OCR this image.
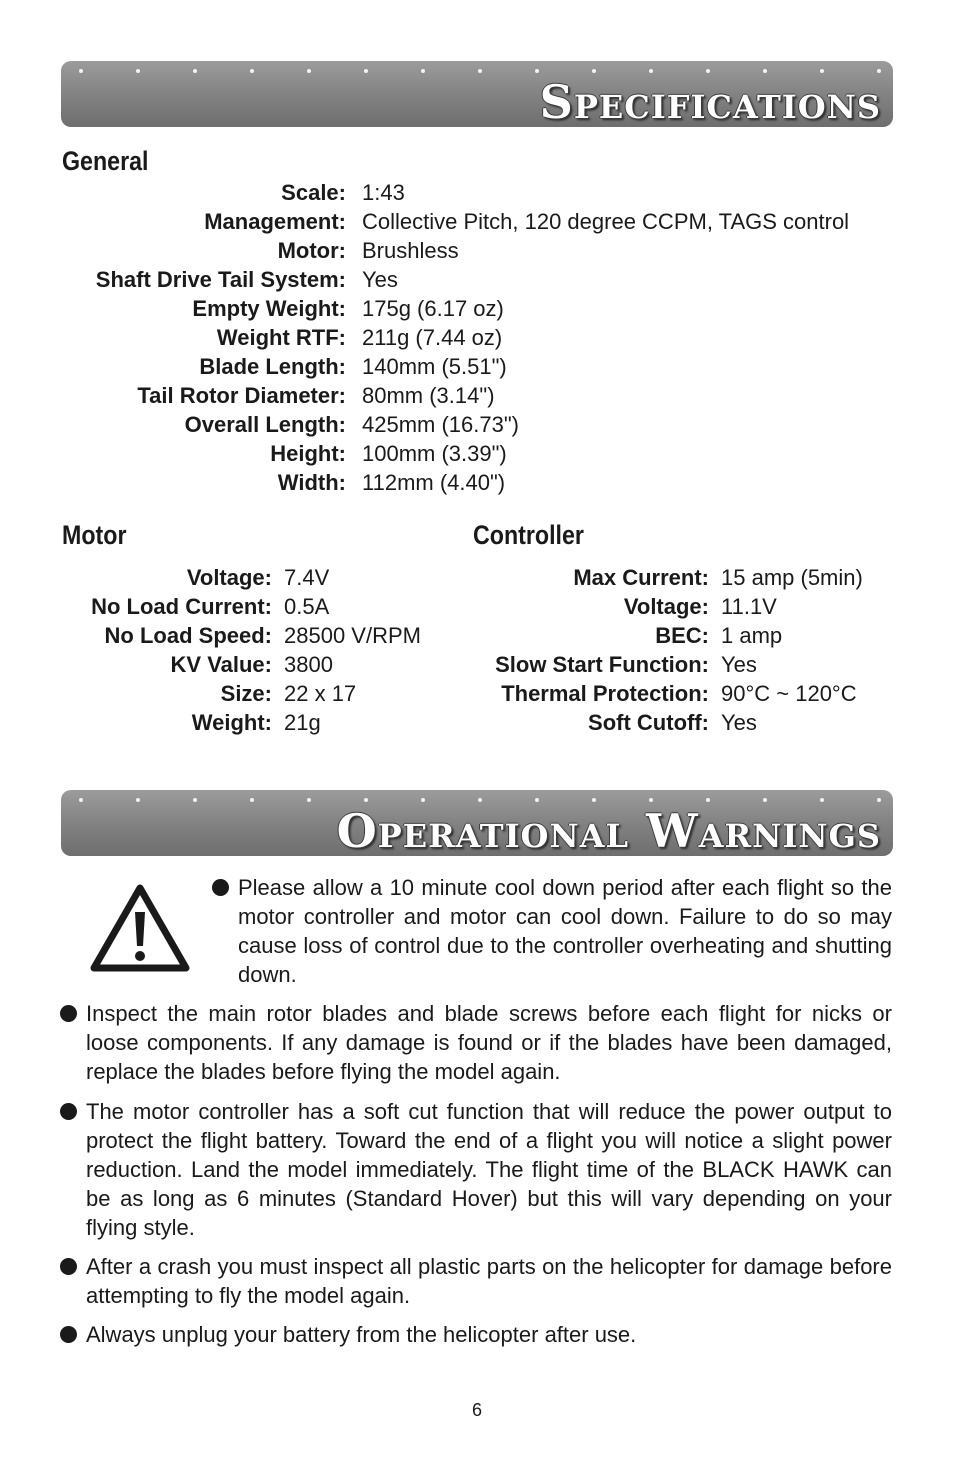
Specifications
General
Scale: 1:43
Management: Collective Pitch, 120 degree CCPM, TAGS control
Motor: Brushless
Shaft Drive Tail System: Yes
Empty Weight: 175g (6.17 oz)
Weight RTF: 211g (7.44 oz)
Blade Length: 140mm (5.51")
Tail Rotor Diameter: 80mm (3.14")
Overall Length: 425mm (16.73")
Height: 100mm (3.39")
Width: 112mm (4.40")
Motor
Voltage: 7.4V
No Load Current: 0.5A
No Load Speed: 28500 V/RPM
KV Value: 3800
Size: 22 x 17
Weight: 21g
Controller
Max Current: 15 amp (5min)
Voltage: 11.1V
BEC: 1 amp
Slow Start Function: Yes
Thermal Protection: 90°C ~ 120°C
Soft Cutoff: Yes
Operational Warnings
Please allow a 10 minute cool down period after each flight so the motor controller and motor can cool down. Failure to do so may cause loss of control due to the controller overheating and shutting down.
Inspect the main rotor blades and blade screws before each flight for nicks or loose components. If any damage is found or if the blades have been damaged, replace the blades before flying the model again.
The motor controller has a soft cut function that will reduce the power output to protect the flight battery. Toward the end of a flight you will notice a slight power reduction. Land the model immediately. The flight time of the BLACK HAWK can be as long as 6 minutes (Standard Hover) but this will vary depending on your flying style.
After a crash you must inspect all plastic parts on the helicopter for damage before attempting to fly the model again.
Always unplug your battery from the helicopter after use.
6
